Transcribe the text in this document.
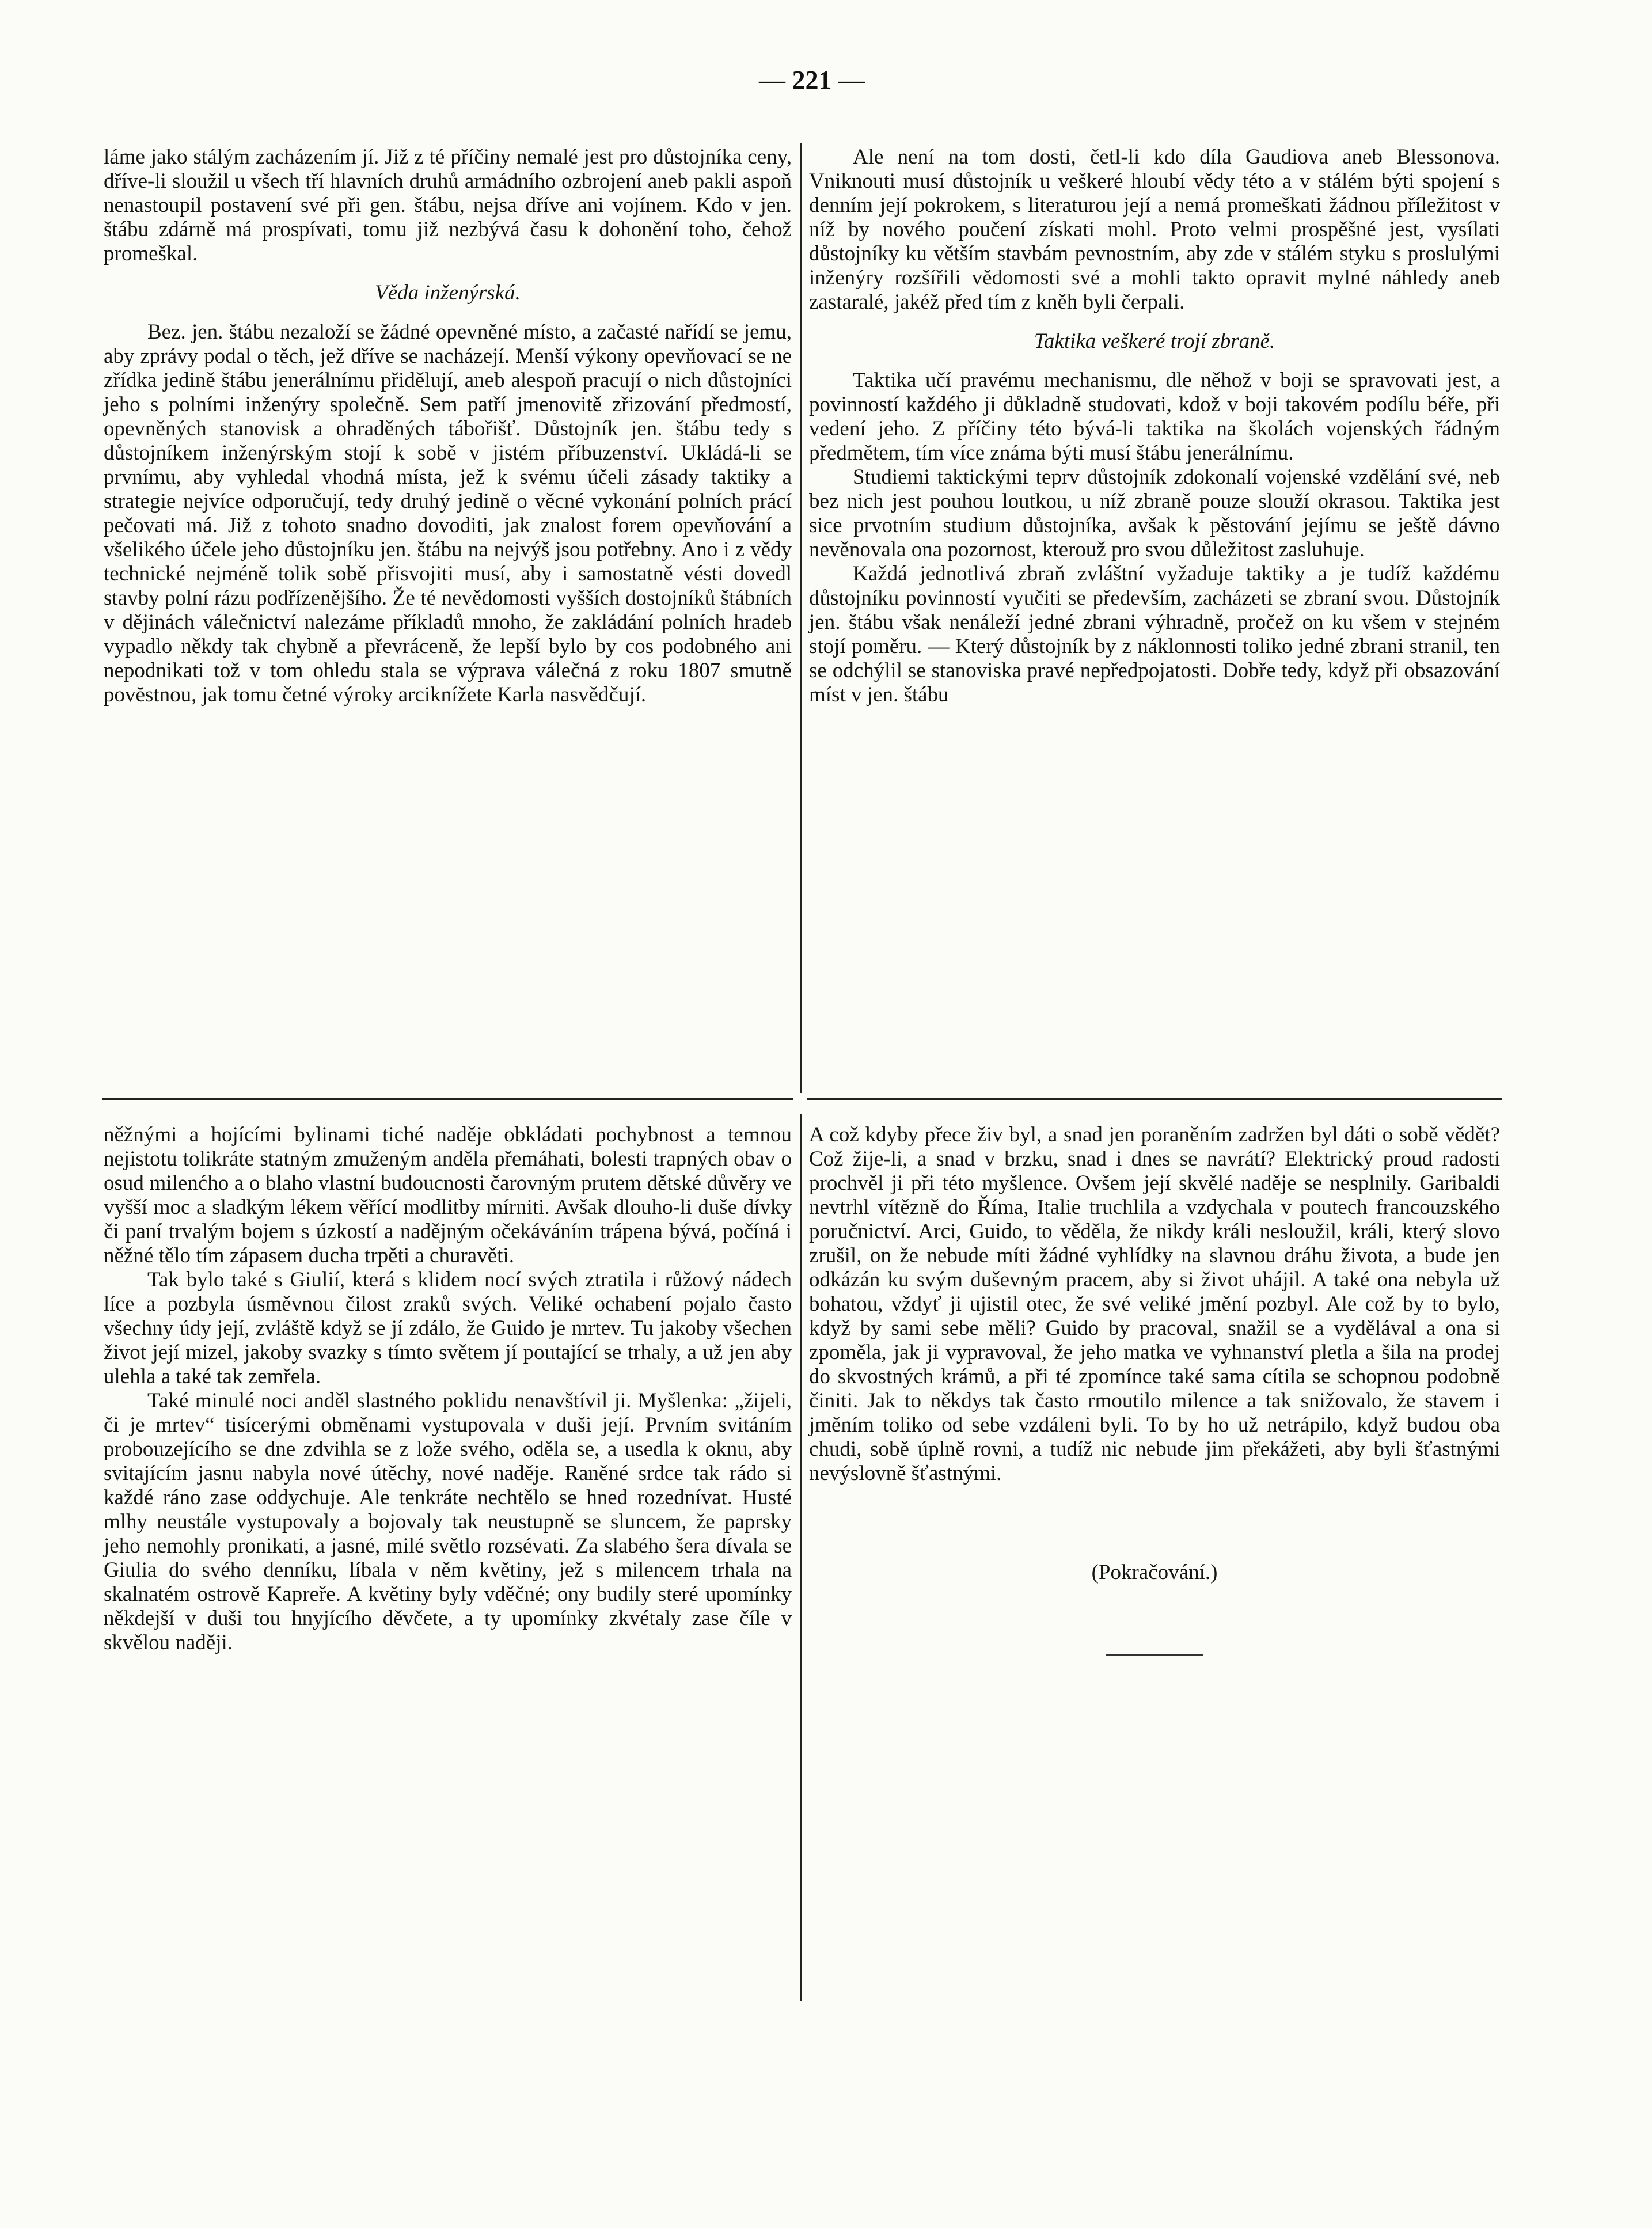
— 221 —

láme jako stálým zacházením jí. Již z té příčiny nemalé jest pro důstojníka ceny, dříve-li sloužil u všech tří hlavních druhů armádního ozbrojení aneb pakli aspoň nenastoupil postavení své při gen. štábu, nejsa dříve ani vojínem. Kdo v jen. štábu zdárně má prospívati, tomu již nezbývá času k dohonění toho, čehož promeškal.

Věda inženýrská.

Bez. jen. štábu nezaloží se žádné opevněné místo, a začasté nařídí se jemu, aby zprávy podal o těch, jež dříve se nacházejí. Menší výkony opevňovací se ne zřídka jedině štábu jenerálnímu přidělují, aneb alespoň pracují o nich důstojníci jeho s polními inženýry společně. Sem patří jmenovitě zřizování předmostí, opevněných stanovisk a ohraděných tábořišť. Důstojník jen. štábu tedy s důstojníkem inženýrským stojí k sobě v jistém příbuzenství. Ukládá-li se prvnímu, aby vyhledal vhodná místa, jež k svému účeli zásady taktiky a strategie nejvíce odporučují, tedy druhý jedině o věcné vykonání polních prácí pečovati má. Již z tohoto snadno dovoditi, jak znalost forem opevňování a všelikého účele jeho důstojníku jen. štábu na nejvýš jsou potřebny. Ano i z vědy technické nejméně tolik sobě přisvojiti musí, aby i samostatně vésti dovedl stavby polní rázu podřízenějšího. Že té nevědomosti vyšších dostojníků štábních v dějinách válečnictví nalezáme příkladů mnoho, že zakládání polních hradeb vypadlo někdy tak chybně a převráceně, že lepší bylo by cos podobného ani nepodnikati tož v tom ohledu stala se výprava válečná z roku 1807 smutně povĕstnou, jak tomu četné výroky arciknížete Karla nasvědčují.

Ale není na tom dosti, četl-li kdo díla Gaudiova aneb Blessonova. Vniknouti musí důstojník u veškeré hloubí vědy této a v stálém býti spojení s denním její pokrokem, s literaturou její a nemá promeškati žádnou příležitost v níž by nového poučení získati mohl. Proto velmi prospěšné jest, vysílati důstojníky ku větším stavbám pevnostním, aby zde v stálém styku s proslulými inženýry rozšířili vědomosti své a mohli takto opravit mylné náhledy aneb zastaralé, jakéž před tím z kněh byli čerpali.

Taktika veškeré trojí zbraně.

Taktika učí pravému mechanismu, dle něhož v boji se spravovati jest, a povinností každého ji důkladně studovati, kdož v boji takovém podílu béře, při vedení jeho. Z příčiny této bývá-li taktika na školách vojenských řádným předmětem, tím více známa býti musí štábu jenerálnímu.

Studiemi taktickými teprv důstojník zdokonalí vojenské vzdělání své, neb bez nich jest pouhou loutkou, u níž zbraně pouze slouží okrasou. Taktika jest sice prvotním studium důstojníka, avšak k pěstování jejímu se ještě dávno nevěnovala ona pozornost, kterouž pro svou důležitost zasluhuje.

Každá jednotlivá zbraň zvláštní vyžaduje taktiky a je tudíž každému důstojníku povinností vyučiti se především, zacházeti se zbraní svou. Důstojník jen. štábu však nenáleží jedné zbrani výhradně, pročež on ku všem v stejném stojí poměru. — Který důstojník by z náklonnosti toliko jedné zbrani stranil, ten se odchýlil se stanoviska pravé nepředpojatosti. Dobře tedy, když při obsazování míst v jen. štábu

něžnými a hojícími bylinami tiché naděje obkládati pochybnost a temnou nejistotu tolikráte statným zmuženým anděla přemáhati, bolesti trapných obav o osud milenćho a o blaho vlastní budoucnosti čarovným prutem dětské důvěry ve vyšší moc a sladkým lékem věřící modlitby mírniti. Avšak dlouho-li duše dívky či paní trvalým bojem s úzkostí a nadějným očekáváním trápena bývá, počíná i něžné tělo tím zápasem ducha trpěti a churavěti.

Tak bylo také s Giulií, která s klidem nocí svých ztratila i růžový nádech líce a pozbyla úsměvnou čilost zraků svých. Veliké ochabení pojalo často všechny údy její, zvláště když se jí zdálo, že Guido je mrtev. Tu jakoby všechen život její mizel, jakoby svazky s tímto světem jí poutající se trhaly, a už jen aby ulehla a také tak zemřela.

Také minulé noci anděl slastného poklidu nenavštívil ji. Myšlenka: „žijeli, či je mrtev“ tisícerými obměnami vystupovala v duši její. Prvním svitáním probouzejícího se dne zdvihla se z lože svého, oděla se, a usedla k oknu, aby svitajícím jasnu nabyla nové útěchy, nové naděje. Raněné srdce tak rádo si každé ráno zase oddychuje. Ale tenkráte nechtělo se hned rozednívat. Husté mlhy neustále vystupovaly a bojovaly tak neustupně se sluncem, že paprsky jeho nemohly pronikati, a jasné, milé světlo rozsévati. Za slabého šera dívala se Giulia do svého denníku, líbala v něm květiny, jež s milencem trhala na skalnatém ostrově Kapreře. A květiny byly vděčné; ony budily steré upomínky někdejší v duši tou hnyjícího děvčete, a ty upomínky zkvétaly zase číle v skvělou naději.

A což kdyby přece živ byl, a snad jen poraněním zadržen byl dáti o sobě vědět? Což žije-li, a snad v brzku, snad i dnes se navrátí? Elektrický proud radosti prochvěl ji při této myšlence. Ovšem její skvělé naděje se nesplnily. Garibaldi nevtrhl vítězně do Říma, Italie truchlila a vzdychala v poutech francouzského poručnictví. Arci, Guido, to věděla, že nikdy králi nesloužil, králi, který slovo zrušil, on že nebude míti žádné vyhlídky na slavnou dráhu života, a bude jen odkázán ku svým duševným pracem, aby si život uhájil. A také ona nebyla už bohatou, vždyť ji ujistil otec, že své veliké jmění pozbyl. Ale což by to bylo, když by sami sebe měli? Guido by pracoval, snažil se a vydělával a ona si zpoměla, jak ji vypravoval, že jeho matka ve vyhnanství pletla a šila na prodej do skvostných krámů, a při té zpomínce také sama cítila se schopnou podobně činiti. Jak to někdys tak často rmoutilo milence a tak snižovalo, že stavem i jměním toliko od sebe vzdáleni byli. To by ho už netrápilo, když budou oba chudi, sobě úplně rovni, a tudíž nic nebude jim překážeti, aby byli šťastnými nevýslovně šťastnými.

(Pokračování.)
